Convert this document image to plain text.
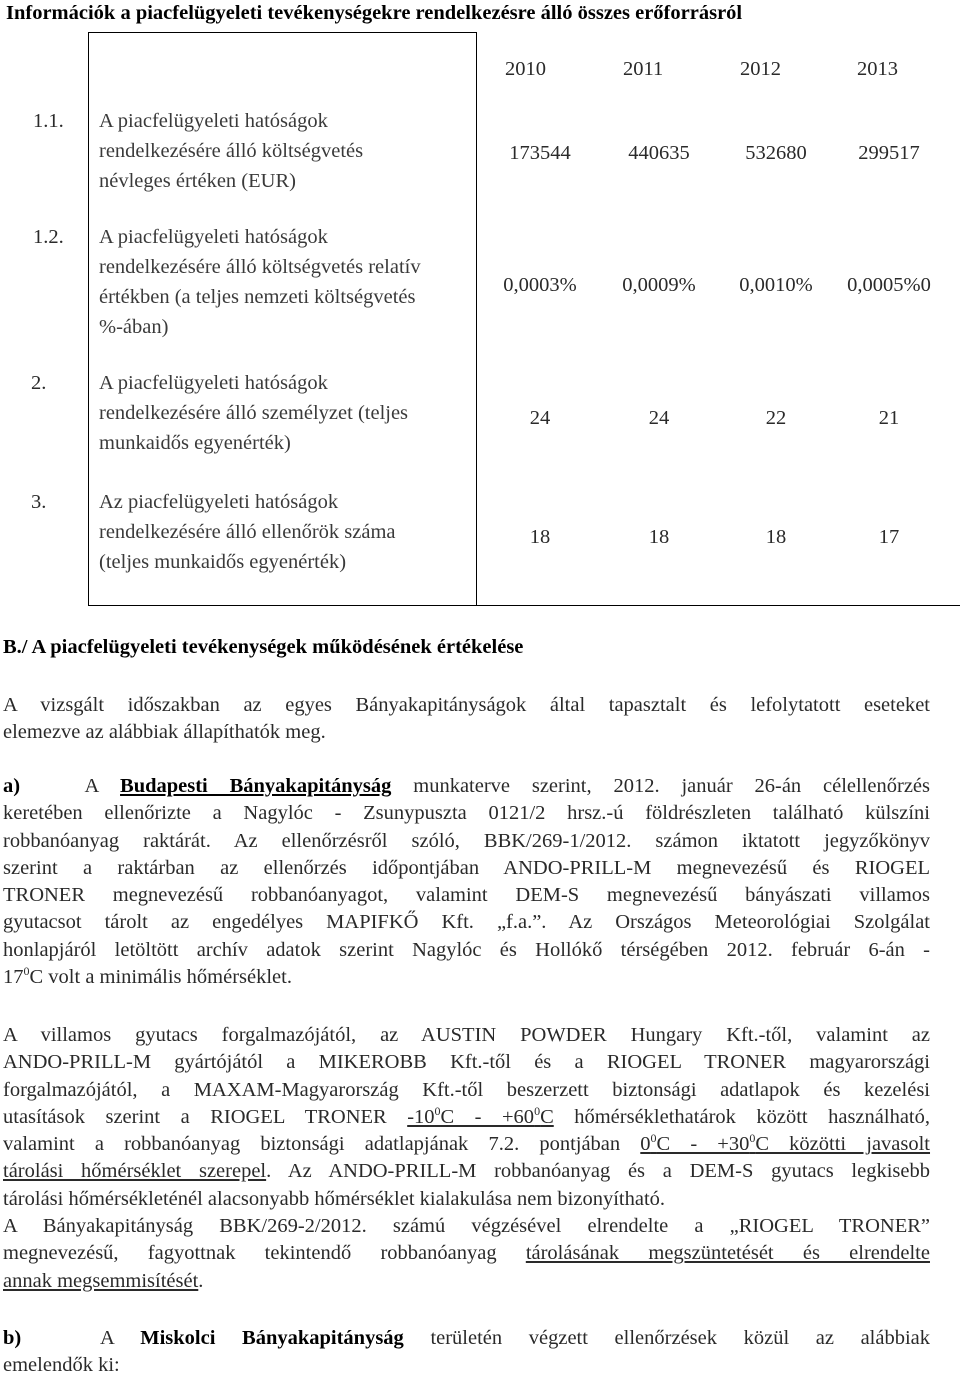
Információk a piacfelügyeleti tevékenységekre rendelkezésre álló összes erőforrásról
2010	2011	2012	2013
1.1. A piacfelügyeleti hatóságok
rendelkezésére álló költségvetés
névleges értéken (EUR)
173544	440635	532680	299517
1.2. A piacfelügyeleti hatóságok
rendelkezésére álló költségvetés relatív
értékben (a teljes nemzeti költségvetés
%-ában)
0,0003%	0,0009%	0,0010%	0,0005%0
2.	A piacfelügyeleti hatóságok
rendelkezésére álló személyzet (teljes
munkaidős egyenérték)
24	24	22	21
3.	Az piacfelügyeleti hatóságok
rendelkezésére álló ellenőrök száma
(teljes munkaidős egyenérték)
18	18	18	17
B./ A piacfelügyeleti tevékenységek működésének értékelése
A vizsgált időszakban az egyes Bányakapitányságok által tapasztalt és lefolytatott eseteket
elemezve az alábbiak állapíthatók meg.
a)	A Budapesti Bányakapitányság munkaterve szerint, 2012. január 26-án célellenőrzés
keretében ellenőrizte a Nagylóc - Zsunypuszta 0121/2 hrsz.-ú földrészleten található külszíni
robbanóanyag raktárát. Az ellenőrzésről szóló, BBK/269-1/2012. számon iktatott jegyzőkönyv
szerint a raktárban az ellenőrzés időpontjában ANDO-PRILL-M megnevezésű és RIOGEL
TRONER megnevezésű robbanóanyagot, valamint DEM-S megnevezésű bányászati villamos
gyutacsot tárolt az engedélyes MAPIFKŐ Kft. „f.a.”. Az Országos Meteorológiai Szolgálat
honlapjáról letöltött archív adatok szerint Nagylóc és Hollókő térségében 2012. február 6-án -
$17^0C$ volt a minimális hőmérséklet.
A villamos gyutacs forgalmazójától, az AUSTIN POWDER Hungary Kft.-től, valamint az
ANDO-PRILL-M gyártójától a MIKEROBB Kft.-től és a RIOGEL TRONER magyarországi
forgalmazójától, a MAXAM-Magyarország Kft.-től beszerzett biztonsági adatlapok és kezelési
utasítások szerint a RIOGEL TRONER $-10^0C - +60^0C$ hőmérséklethatárok között használható,
valamint a robbanóanyag biztonsági adatlapjának 7.2. pontjában $0^0C - +30^0C$ közötti javasolt
tárolási hőmérséklet szerepel. Az ANDO-PRILL-M robbanóanyag és a DEM-S gyutacs legkisebb
tárolási hőmérsékleténél alacsonyabb hőmérséklet kialakulása nem bizonyítható.
A Bányakapitányság BBK/269-2/2012. számú végzésével elrendelte a „RIOGEL TRONER”
megnevezésű, fagyottnak tekintendő robbanóanyag tárolásának megszüntetését és elrendelte
annak megsemmisítését.
b)	A Miskolci Bányakapitányság területén végzett ellenőrzések közül az alábbiak
emelendők ki:
